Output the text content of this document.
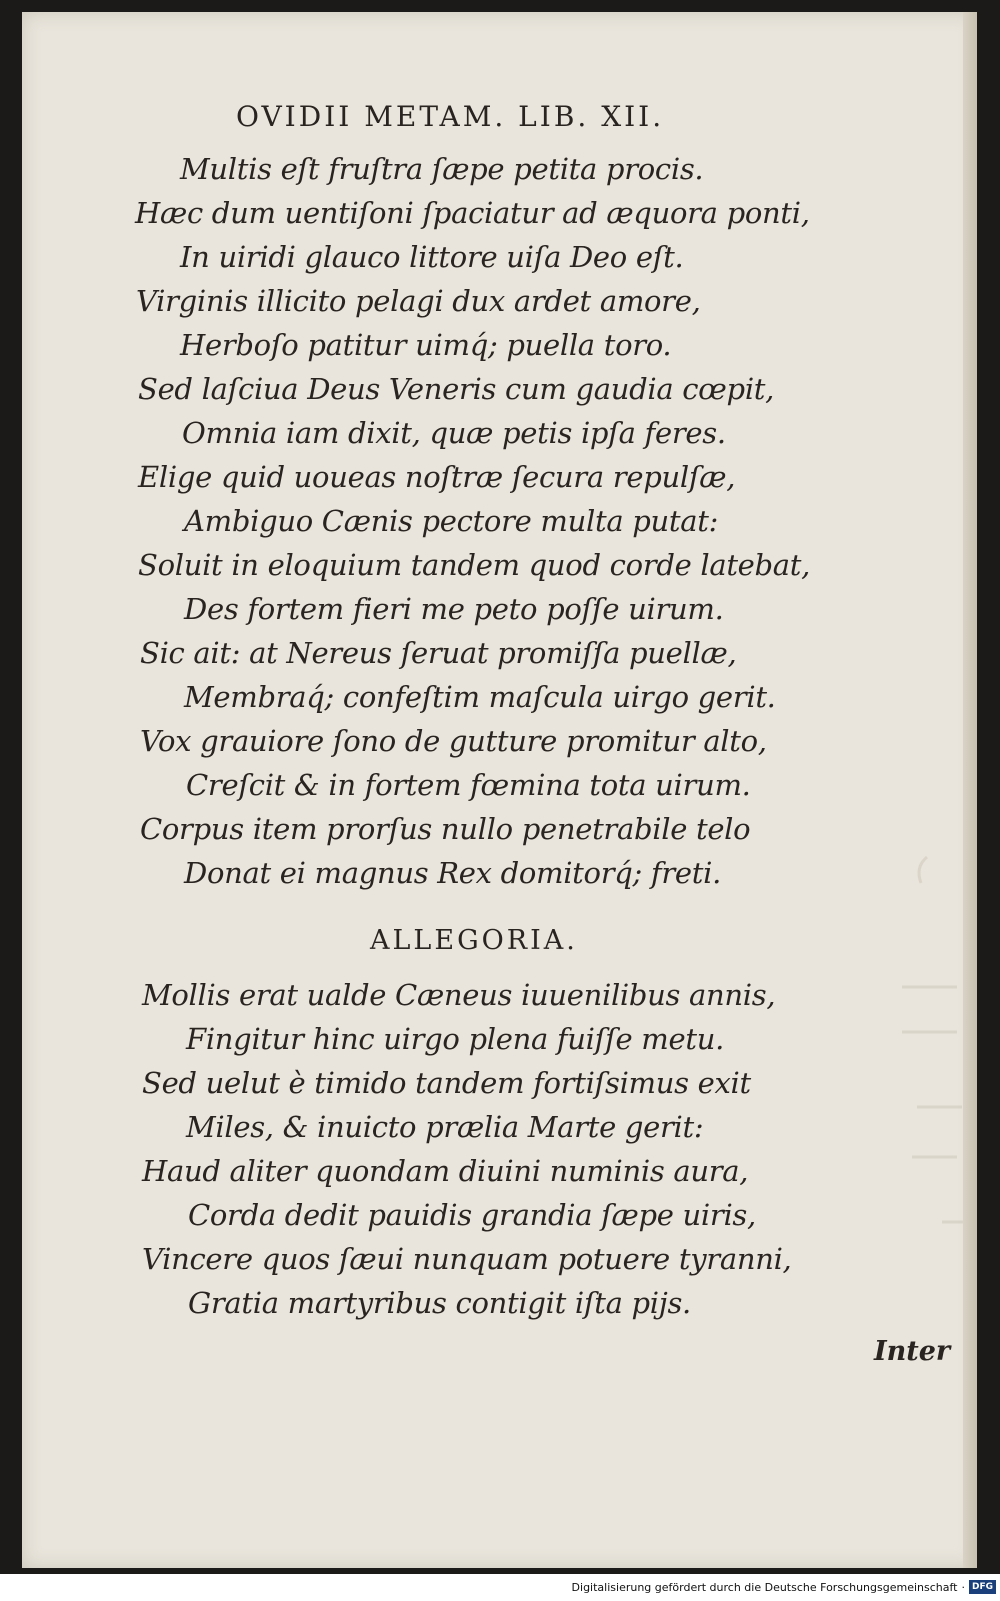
OVIDII METAM. LIB. XII.
Multis eſt fruſtra ſæpe petita procis.
Hæc dum uentiſoni ſpaciatur ad æquora ponti,
In uiridi glauco littore uiſa Deo eſt.
Virginis illicito pelagi dux ardet amore,
Herboſo patitur uimq́; puella toro.
Sed laſciua Deus Veneris cum gaudia cœpit,
Omnia iam dixit, quæ petis ipſa feres.
Elige quid uoueas noſtræ ſecura repulſæ,
Ambiguo Cænis pectore multa putat:
Soluit in eloquium tandem quod corde latebat,
Des fortem fieri me peto poſſe uirum.
Sic ait: at Nereus ſeruat promiſſa puellæ,
Membraq́; confeſtim maſcula uirgo gerit.
Vox grauiore ſono de gutture promitur alto,
Creſcit & in fortem fœmina tota uirum.
Corpus item prorſus nullo penetrabile telo
Donat ei magnus Rex domitorq́; freti.
ALLEGORIA.
Mollis erat ualde Cæneus iuuenilibus annis,
Fingitur hinc uirgo plena fuiſſe metu.
Sed uelut è timido tandem fortiſsimus exit
Miles, & inuicto prælia Marte gerit:
Haud aliter quondam diuini numinis aura,
Corda dedit pauidis grandia ſæpe uiris,
Vincere quos ſæui nunquam potuere tyranni,
Gratia martyribus contigit iſta pijs.
Inter
Digitalisierung gefördert durch die Deutsche Forschungsgemeinschaft · DFG
